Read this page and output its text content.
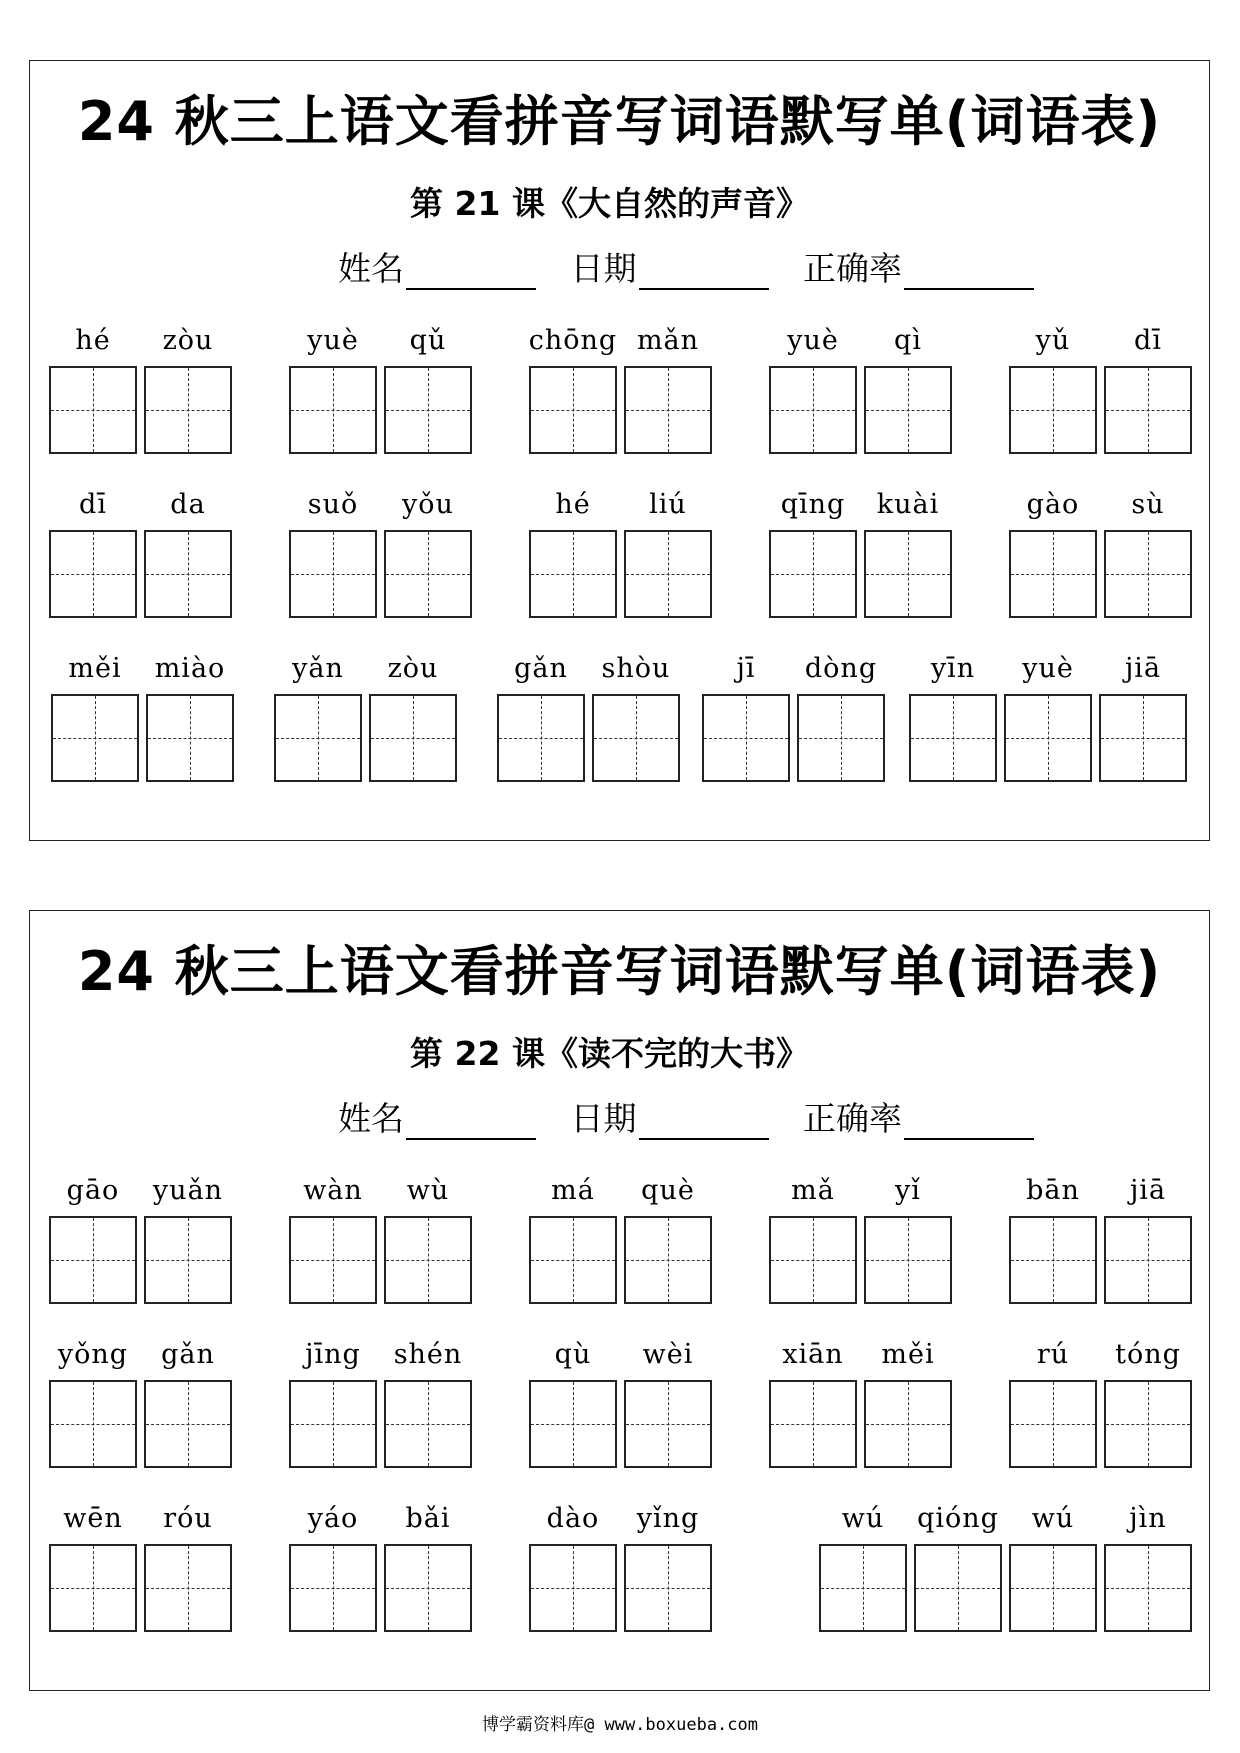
24 秋三上语文看拼音写词语默写单(词语表)
第 21 课《大自然的声音》
姓名
	日期
	正确率
hé	zòu	yuè	qǔ	chōng mǎn	yuè	qì	yǔ	dī
dī	da	suǒ	yǒu	hé	liú	qīng	kuài	gào	sù
měi	miào	yǎn	zòu	gǎn	shòu	jī	dòng	yīn	yuè	jiā
24 秋三上语文看拼音写词语默写单(词语表)
第 22 课《读不完的大书》
姓名
	日期
	正确率
gāo	yuǎn	wàn	wù	má	què	mǎ	yǐ	bān	jiā
yǒng	gǎn	jīng	shén	qù	wèi	xiān	měi	rú	tóng
wēn	róu	yáo	bǎi	dào	yǐng	wú	qióng	wú	jìn
博学霸资料库@ www.boxueba.com
